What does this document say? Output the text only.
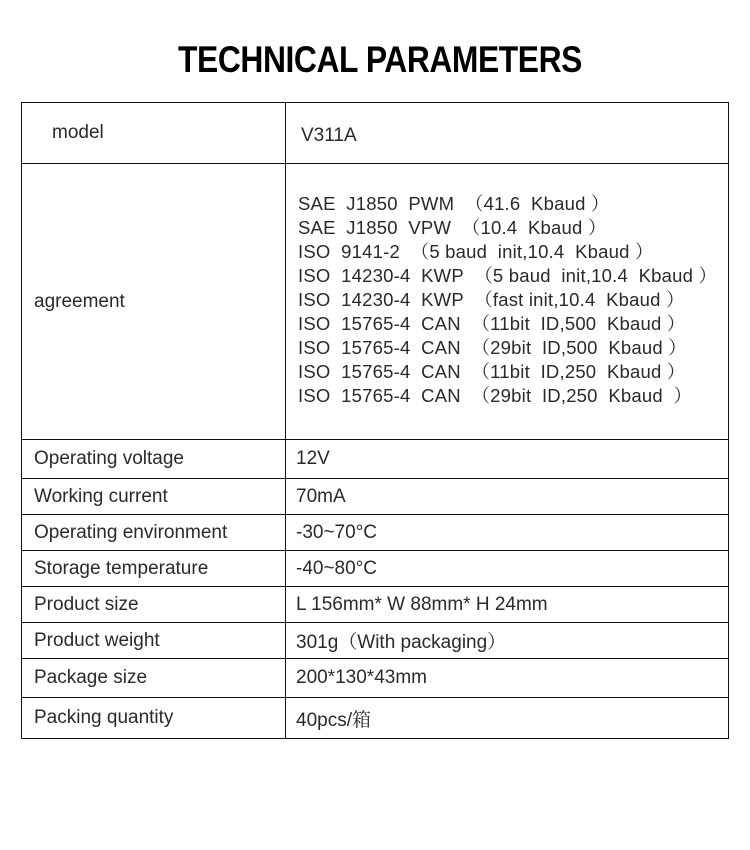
TECHNICAL PARAMETERS
model	V311A
agreement	
SAE  J1850  PWM  （41.6  Kbaud ）
SAE  J1850  VPW  （10.4  Kbaud ）
ISO  9141-2  （5 baud  init,10.4  Kbaud ）
ISO  14230-4  KWP  （5 baud  init,10.4  Kbaud ）
ISO  14230-4  KWP  （fast init,10.4  Kbaud ）
ISO  15765-4  CAN  （11bit  ID,500  Kbaud ）
ISO  15765-4  CAN  （29bit  ID,500  Kbaud ）
ISO  15765-4  CAN  （11bit  ID,250  Kbaud ）
ISO  15765-4  CAN  （29bit  ID,250  Kbaud  ）

Operating voltage	12V
Working current	70mA
Operating environment	-30~70°C
Storage temperature	-40~80°C
Product size	L 156mm* W 88mm* H 24mm
Product weight	301g（With packaging）
Package size	200*130*43mm
Packing quantity	40pcs/箱
